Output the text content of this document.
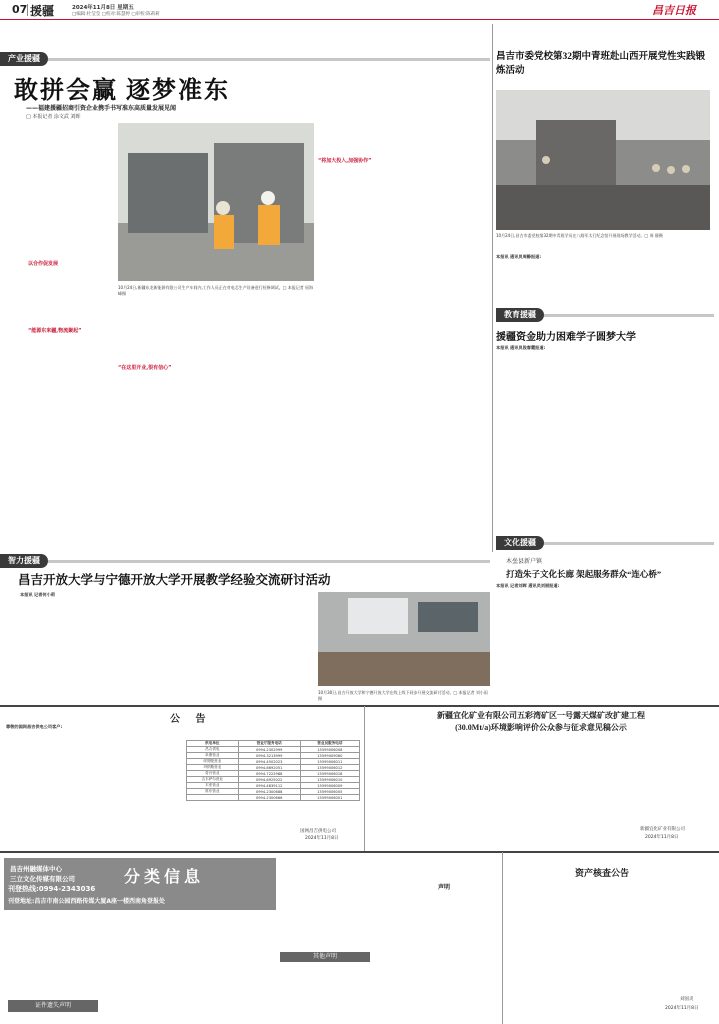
07 援疆	2024年11月8日 星期五
□编辑:杜莹莹 □校对:陈慧婷 □审校:陈莉莉	昌吉日报
产业援疆
敢拼会赢 逐梦准东
——福建援疆招商引资企业携手书写准东高质量发展见闻
□ 本报记者 涂文武 刘晖
以合作促发展
“能源东来疆,物流聚起”
10月24日,新疆东龙新能源有限公司生产车间内,工作人员正在对电芯生产设备进行检修调试。□ 本报记者 屈海峰摄
“在这里开业,很有信心”
“将加大投入,加强协作”
昌吉市委党校第32期中青班赴山西开展党性实践锻炼活动
10月24日,昌吉市委党校第32期中青班学员在八路军太行纪念馆开展现场教学活动。□ 周 静摄
本报讯 通讯员周静报道:
教育援疆
援疆资金助力困难学子圆梦大学
本报讯 通讯员段春霞报道:
文化援疆
木垒县新户镇
打造朱子文化长廊 架起服务群众“连心桥”
本报讯 记者刘晖 通讯员刘丽报道:
智力援疆
昌吉开放大学与宁德开放大学开展教学经验交流研讨活动
本报讯 记者何小莉
10月30日,昌吉开放大学和宁德开放大学在线上线下同步开展交流研讨活动。□ 本报记者 刘小雨摄
公 告
尊敬的国网昌吉供电公司客户:
供电单位	营业厅服务电话	营业员服务电话
昌吉供电	0994-2302999	15599006008
阜康营业	0994-3213999	15599009060
呼图壁营业	0994-4502023	15599006011
玛纳斯营业	0994-6692051	15599006012
奇台营业	0994-7222988	15599006018
吉木萨尔营业	0994-6925022	15599006010
木垒营业	0994-4839112	15599006009
准东营业	0994-2300688	15599006005
	0994-2300666	15599006001
国网昌吉供电公司
2024年11月8日
新疆宜化矿业有限公司五彩湾矿区一号露天煤矿改扩建工程
(30.0Mt/a)环境影响评价公众参与征求意见稿公示
新疆宜化矿业有限公司
2024年11月8日
昌吉州融媒体中心
三立文化传媒有限公司	分类信息
刊登热线:0994-2343036
刊登地址:昌吉市南公园西路传媒大厦A座一楼西南角登报处
声明
其他声明
证件遗失声明
资产核查公告
刘国炎
2024年11月8日
